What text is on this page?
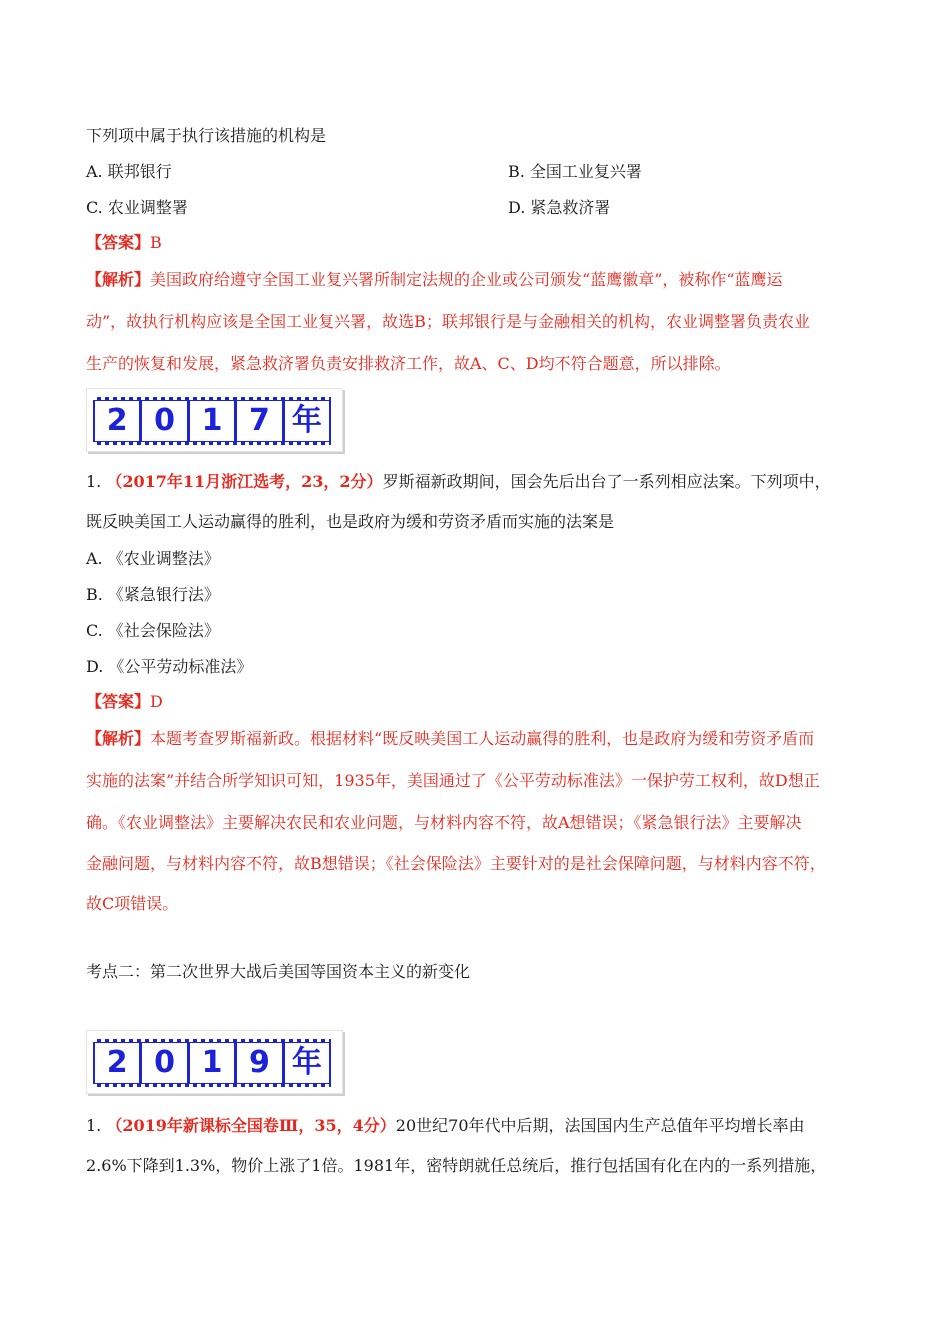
下列项中属于执行该措施的机构是
A. 联邦银行	B. 全国工业复兴署
C. 农业调整署	D. 紧急救济署
【答案】B
【解析】美国政府给遵守全国工业复兴署所制定法规的企业或公司颁发“蓝鹰徽章”，被称作“蓝鹰运
动”，故执行机构应该是全国工业复兴署，故选B；联邦银行是与金融相关的机构，农业调整署负责农业
生产的恢复和发展，紧急救济署负责安排救济工作，故A、C、D均不符合题意，所以排除。
2 0 1 7 年
1. （2017年11月浙江选考，23，2分）罗斯福新政期间，国会先后出台了一系列相应法案。下列项中，
既反映美国工人运动赢得的胜利，也是政府为缓和劳资矛盾而实施的法案是
A. 《农业调整法》
B. 《紧急银行法》
C. 《社会保险法》
D. 《公平劳动标准法》
【答案】D
【解析】本题考查罗斯福新政。根据材料“既反映美国工人运动赢得的胜利，也是政府为缓和劳资矛盾而
实施的法案”并结合所学知识可知，1935年，美国通过了《公平劳动标准法》一保护劳工权利，故D想正
确。《农业调整法》主要解决农民和农业问题，与材料内容不符，故A想错误；《紧急银行法》主要解决
金融问题，与材料内容不符，故B想错误；《社会保险法》主要针对的是社会保障问题，与材料内容不符，
故C项错误。
考点二：第二次世界大战后美国等国资本主义的新变化
2 0 1 9 年
1. （2019年新课标全国卷Ⅲ，35，4分）20世纪70年代中后期，法国国内生产总值年平均增长率由
2.6%下降到1.3%，物价上涨了1倍。1981年，密特朗就任总统后，推行包括国有化在内的一系列措施，
